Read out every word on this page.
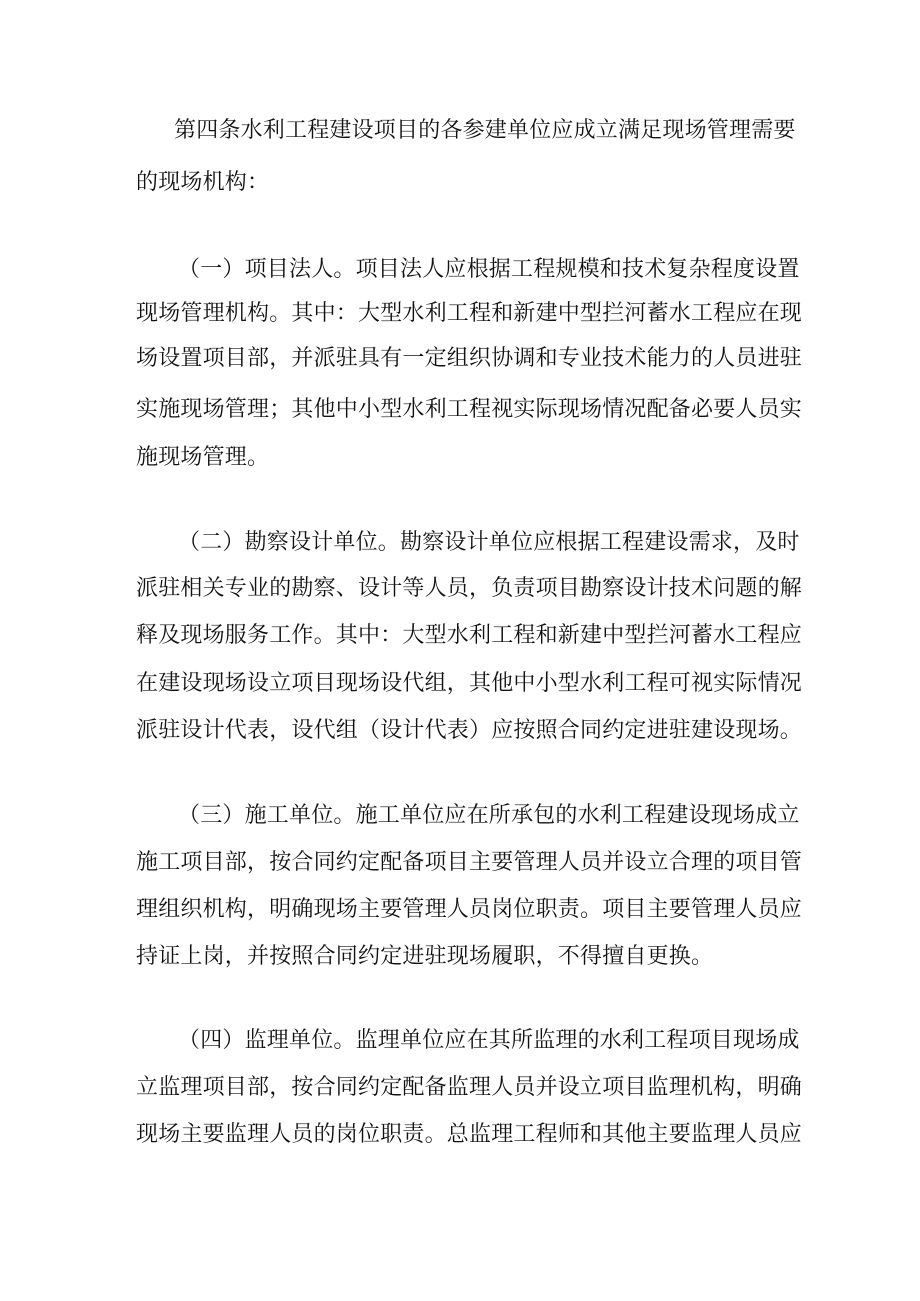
第四条水利工程建设项目的各参建单位应成立满足现场管理需要
的现场机构：
（一）项目法人。项目法人应根据工程规模和技术复杂程度设置
现场管理机构。其中：大型水利工程和新建中型拦河蓄水工程应在现
场设置项目部，并派驻具有一定组织协调和专业技术能力的人员进驻
实施现场管理；其他中小型水利工程视实际现场情况配备必要人员实
施现场管理。
（二）勘察设计单位。勘察设计单位应根据工程建设需求，及时
派驻相关专业的勘察、设计等人员，负责项目勘察设计技术问题的解
释及现场服务工作。其中：大型水利工程和新建中型拦河蓄水工程应
在建设现场设立项目现场设代组，其他中小型水利工程可视实际情况
派驻设计代表，设代组（设计代表）应按照合同约定进驻建设现场。
（三）施工单位。施工单位应在所承包的水利工程建设现场成立
施工项目部，按合同约定配备项目主要管理人员并设立合理的项目管
理组织机构，明确现场主要管理人员岗位职责。项目主要管理人员应
持证上岗，并按照合同约定进驻现场履职，不得擅自更换。
（四）监理单位。监理单位应在其所监理的水利工程项目现场成
立监理项目部，按合同约定配备监理人员并设立项目监理机构，明确
现场主要监理人员的岗位职责。总监理工程师和其他主要监理人员应
